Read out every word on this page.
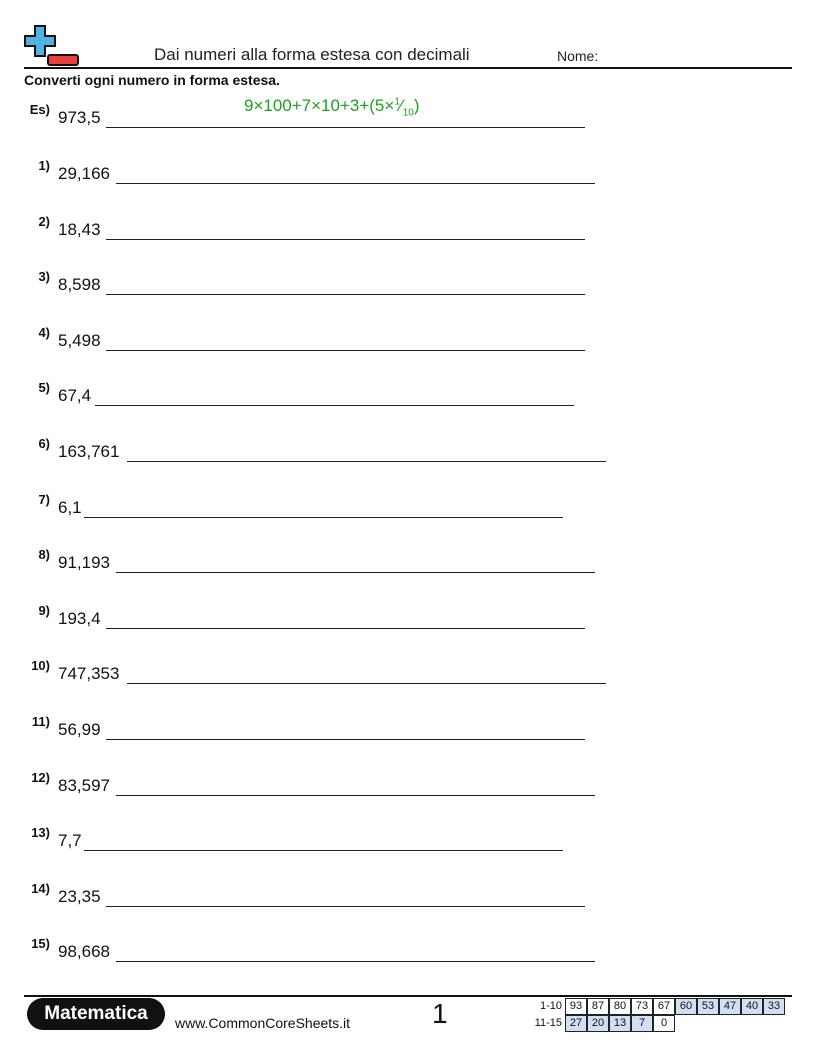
Dai numeri alla forma estesa con decimali	Nome:
Converti ogni numero in forma estesa.
Es) 973,5
$9\times 100+7\times 10+3+(5\times^1⁄_{10})$
1) 29,166
2) 18,43
3) 8,598
4) 5,498
5) 67,4
6) 163,761
7) 6,1
8) 91,193
9) 193,4
10) 747,353
11) 56,99
12) 83,597
13) 7,7
14) 23,35
15) 98,668
Matematica	www.CommonCoreSheets.it	1	1-10 93 87 80 73 67 60 53 47 40 33
11-15 27 20 13	7	0
